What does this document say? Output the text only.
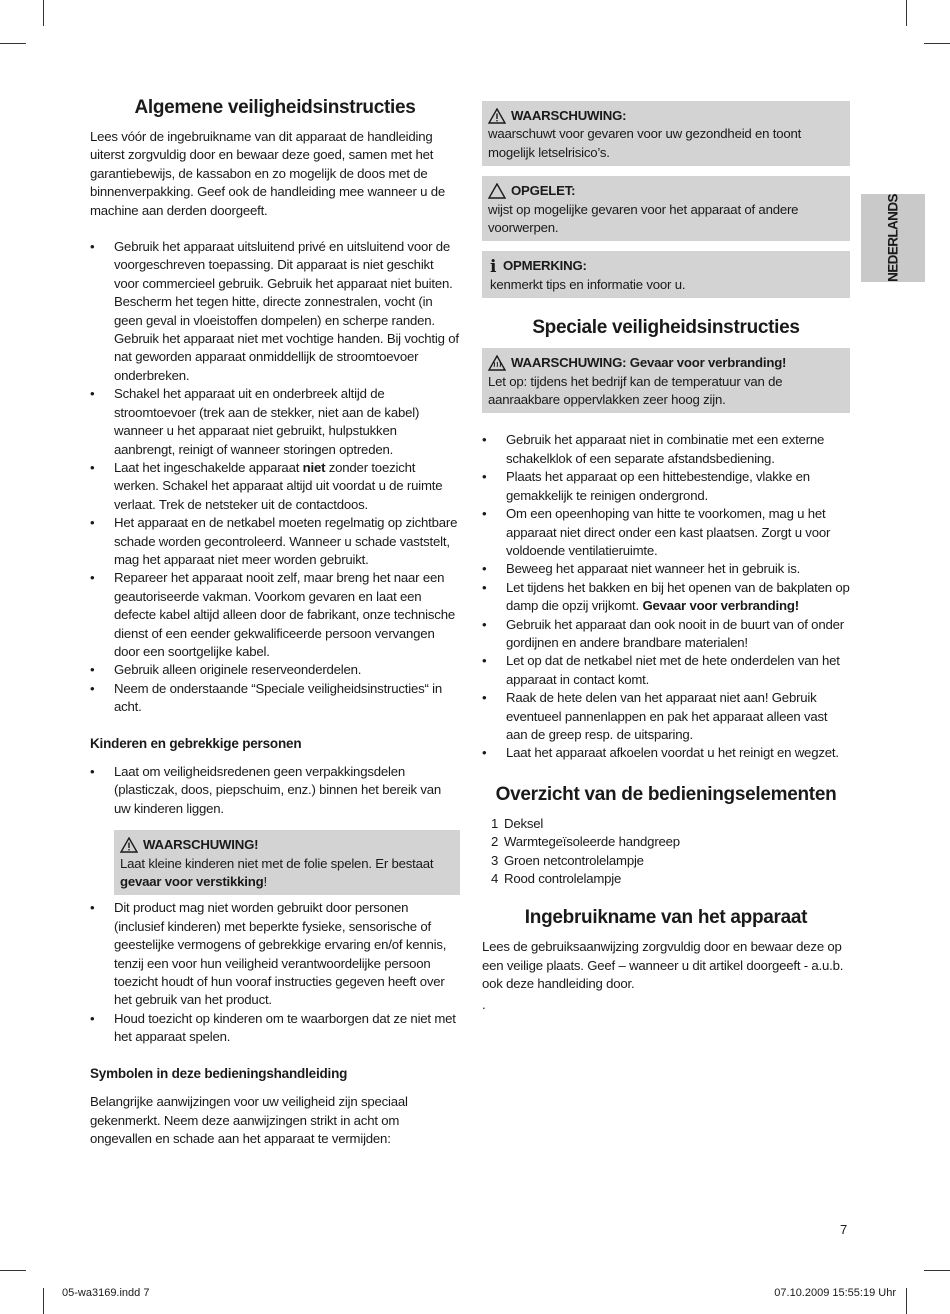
Algemene veiligheidsinstructies

Lees vóór de ingebruikname van dit apparaat de handleiding uiterst zorgvuldig door en bewaar deze goed, samen met het garantiebewijs, de kassabon en zo mogelijk de doos met de binnenverpakking. Geef ook de handleiding mee wanneer u de machine aan derden doorgeeft.

• Gebruik het apparaat uitsluitend privé en uitsluitend voor de voorgeschreven toepassing. Dit apparaat is niet geschikt voor commercieel gebruik. Gebruik het apparaat niet buiten. Bescherm het tegen hitte, directe zonnestralen, vocht (in geen geval in vloeistoffen dompelen) en scherpe randen. Gebruik het apparaat niet met vochtige handen. Bij vochtig of nat geworden apparaat onmiddellijk de stroomtoevoer onderbreken.
• Schakel het apparaat uit en onderbreek altijd de stroomtoevoer (trek aan de stekker, niet aan de kabel) wanneer u het apparaat niet gebruikt, hulpstukken aanbrengt, reinigt of wanneer storingen optreden.
• Laat het ingeschakelde apparaat niet zonder toezicht werken. Schakel het apparaat altijd uit voordat u de ruimte verlaat. Trek de netsteker uit de contactdoos.
• Het apparaat en de netkabel moeten regelmatig op zichtbare schade worden gecontroleerd. Wanneer u schade vaststelt, mag het apparaat niet meer worden gebruikt.
• Repareer het apparaat nooit zelf, maar breng het naar een geautoriseerde vakman. Voorkom gevaren en laat een defecte kabel altijd alleen door de fabrikant, onze technische dienst of een eender gekwalificeerde persoon vervangen door een soortgelijke kabel.
• Gebruik alleen originele reserveonderdelen.
• Neem de onderstaande “Speciale veiligheidsinstructies“ in acht.
Kinderen en gebrekkige personen
• Laat om veiligheidsredenen geen verpakkingsdelen (plasticzak, doos, piepschuim, enz.) binnen het bereik van uw kinderen liggen.
WAARSCHUWING!

Laat kleine kinderen niet met de folie spelen. Er bestaat gevaar voor verstikking!

• Dit product mag niet worden gebruikt door personen (inclusief kinderen) met beperkte fysieke, sensorische of geestelijke vermogens of gebrekkige ervaring en/of kennis, tenzij een voor hun veiligheid verantwoordelijke persoon toezicht houdt of hun vooraf instructies gegeven heeft over het gebruik van het product.
• Houd toezicht op kinderen om te waarborgen dat ze niet met het apparaat spelen.
Symbolen in deze bedieningshandleiding

Belangrijke aanwijzingen voor uw veiligheid zijn speciaal gekenmerkt. Neem deze aanwijzingen strikt in acht om ongevallen en schade aan het apparaat te vermijden:

WAARSCHUWING:

waarschuwt voor gevaren voor uw gezondheid en toont mogelijk letselrisico’s.

OPGELET:

wijst op mogelijke gevaren voor het apparaat of andere voorwerpen.

i OPMERKING:

kenmerkt tips en informatie voor u.

Speciale veiligheidsinstructies
WAARSCHUWING: Gevaar voor verbranding!

Let op: tijdens het bedrijf kan de temperatuur van de aanraakbare oppervlakken zeer hoog zijn.

• Gebruik het apparaat niet in combinatie met een externe schakelklok of een separate afstandsbediening.
• Plaats het apparaat op een hittebestendige, vlakke en gemakkelijk te reinigen ondergrond.
• Om een opeenhoping van hitte te voorkomen, mag u het apparaat niet direct onder een kast plaatsen. Zorgt u voor voldoende ventilatieruimte.
• Beweeg het apparaat niet wanneer het in gebruik is.
• Let tijdens het bakken en bij het openen van de bakplaten op damp die opzij vrijkomt. Gevaar voor verbranding!
• Gebruik het apparaat dan ook nooit in de buurt van of onder gordijnen en andere brandbare materialen!
• Let op dat de netkabel niet met de hete onderdelen van het apparaat in contact komt.
• Raak de hete delen van het apparaat niet aan! Gebruik eventueel pannenlappen en pak het apparaat alleen vast aan de greep resp. de uitsparing.
• Laat het apparaat afkoelen voordat u het reinigt en wegzet.
Overzicht van de bedieningselementen
1 Deksel
2 Warmtegeïsoleerde handgreep
3 Groen netcontrolelampje
4 Rood controlelampje
Ingebruikname van het apparaat

Lees de gebruiksaanwijzing zorgvuldig door en bewaar deze op een veilige plaats. Geef – wanneer u dit artikel doorgeeft - a.u.b. ook deze handleiding door.

.

NEDERLANDS
7
05-wa3169.indd 7	07.10.2009 15:55:19 Uhr
